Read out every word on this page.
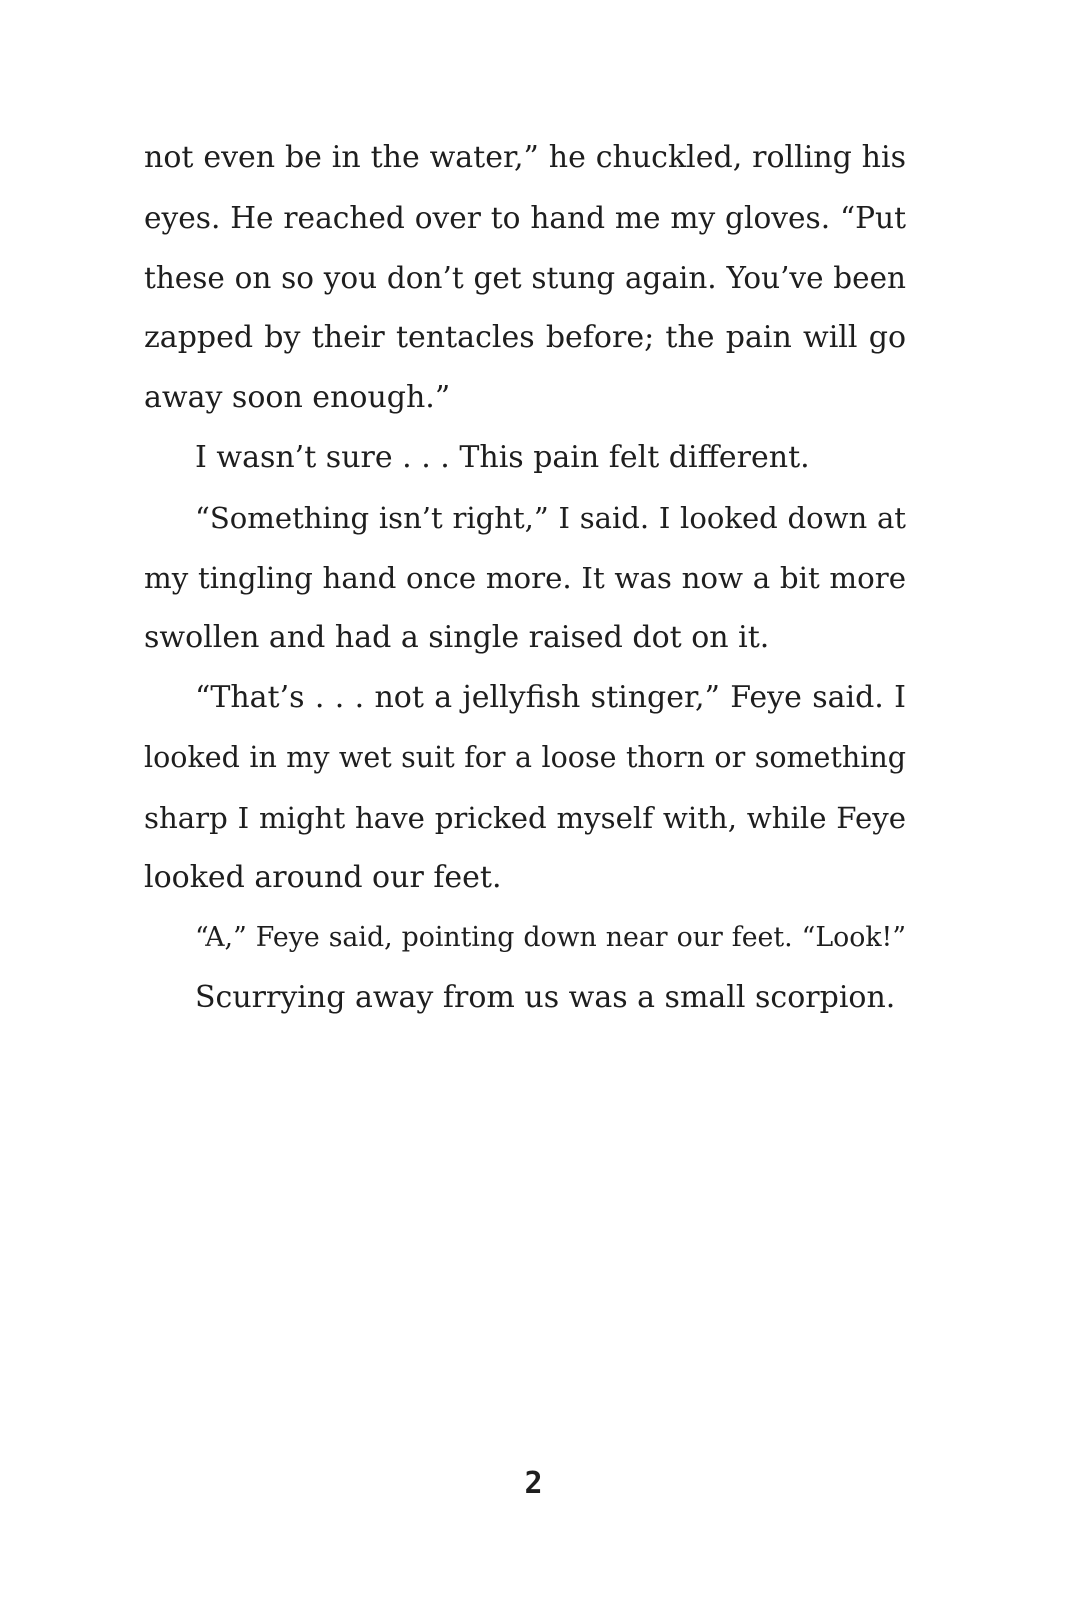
not even be in the water,” he chuckled, rolling his
eyes. He reached over to hand me my gloves. “Put
these on so you don’t get stung again. You’ve been
zapped by their tentacles before; the pain will go
away soon enough.”
I wasn’t sure . . . This pain felt different.
“Something isn’t right,” I said. I looked down at
my tingling hand once more. It was now a bit more
swollen and had a single raised dot on it.
“That’s . . . not a jellyfish stinger,” Feye said. I
looked in my wet suit for a loose thorn or something
sharp I might have pricked myself with, while Feye
looked around our feet.
“A,” Feye said, pointing down near our feet. “Look!”
Scurrying away from us was a small scorpion.
2
